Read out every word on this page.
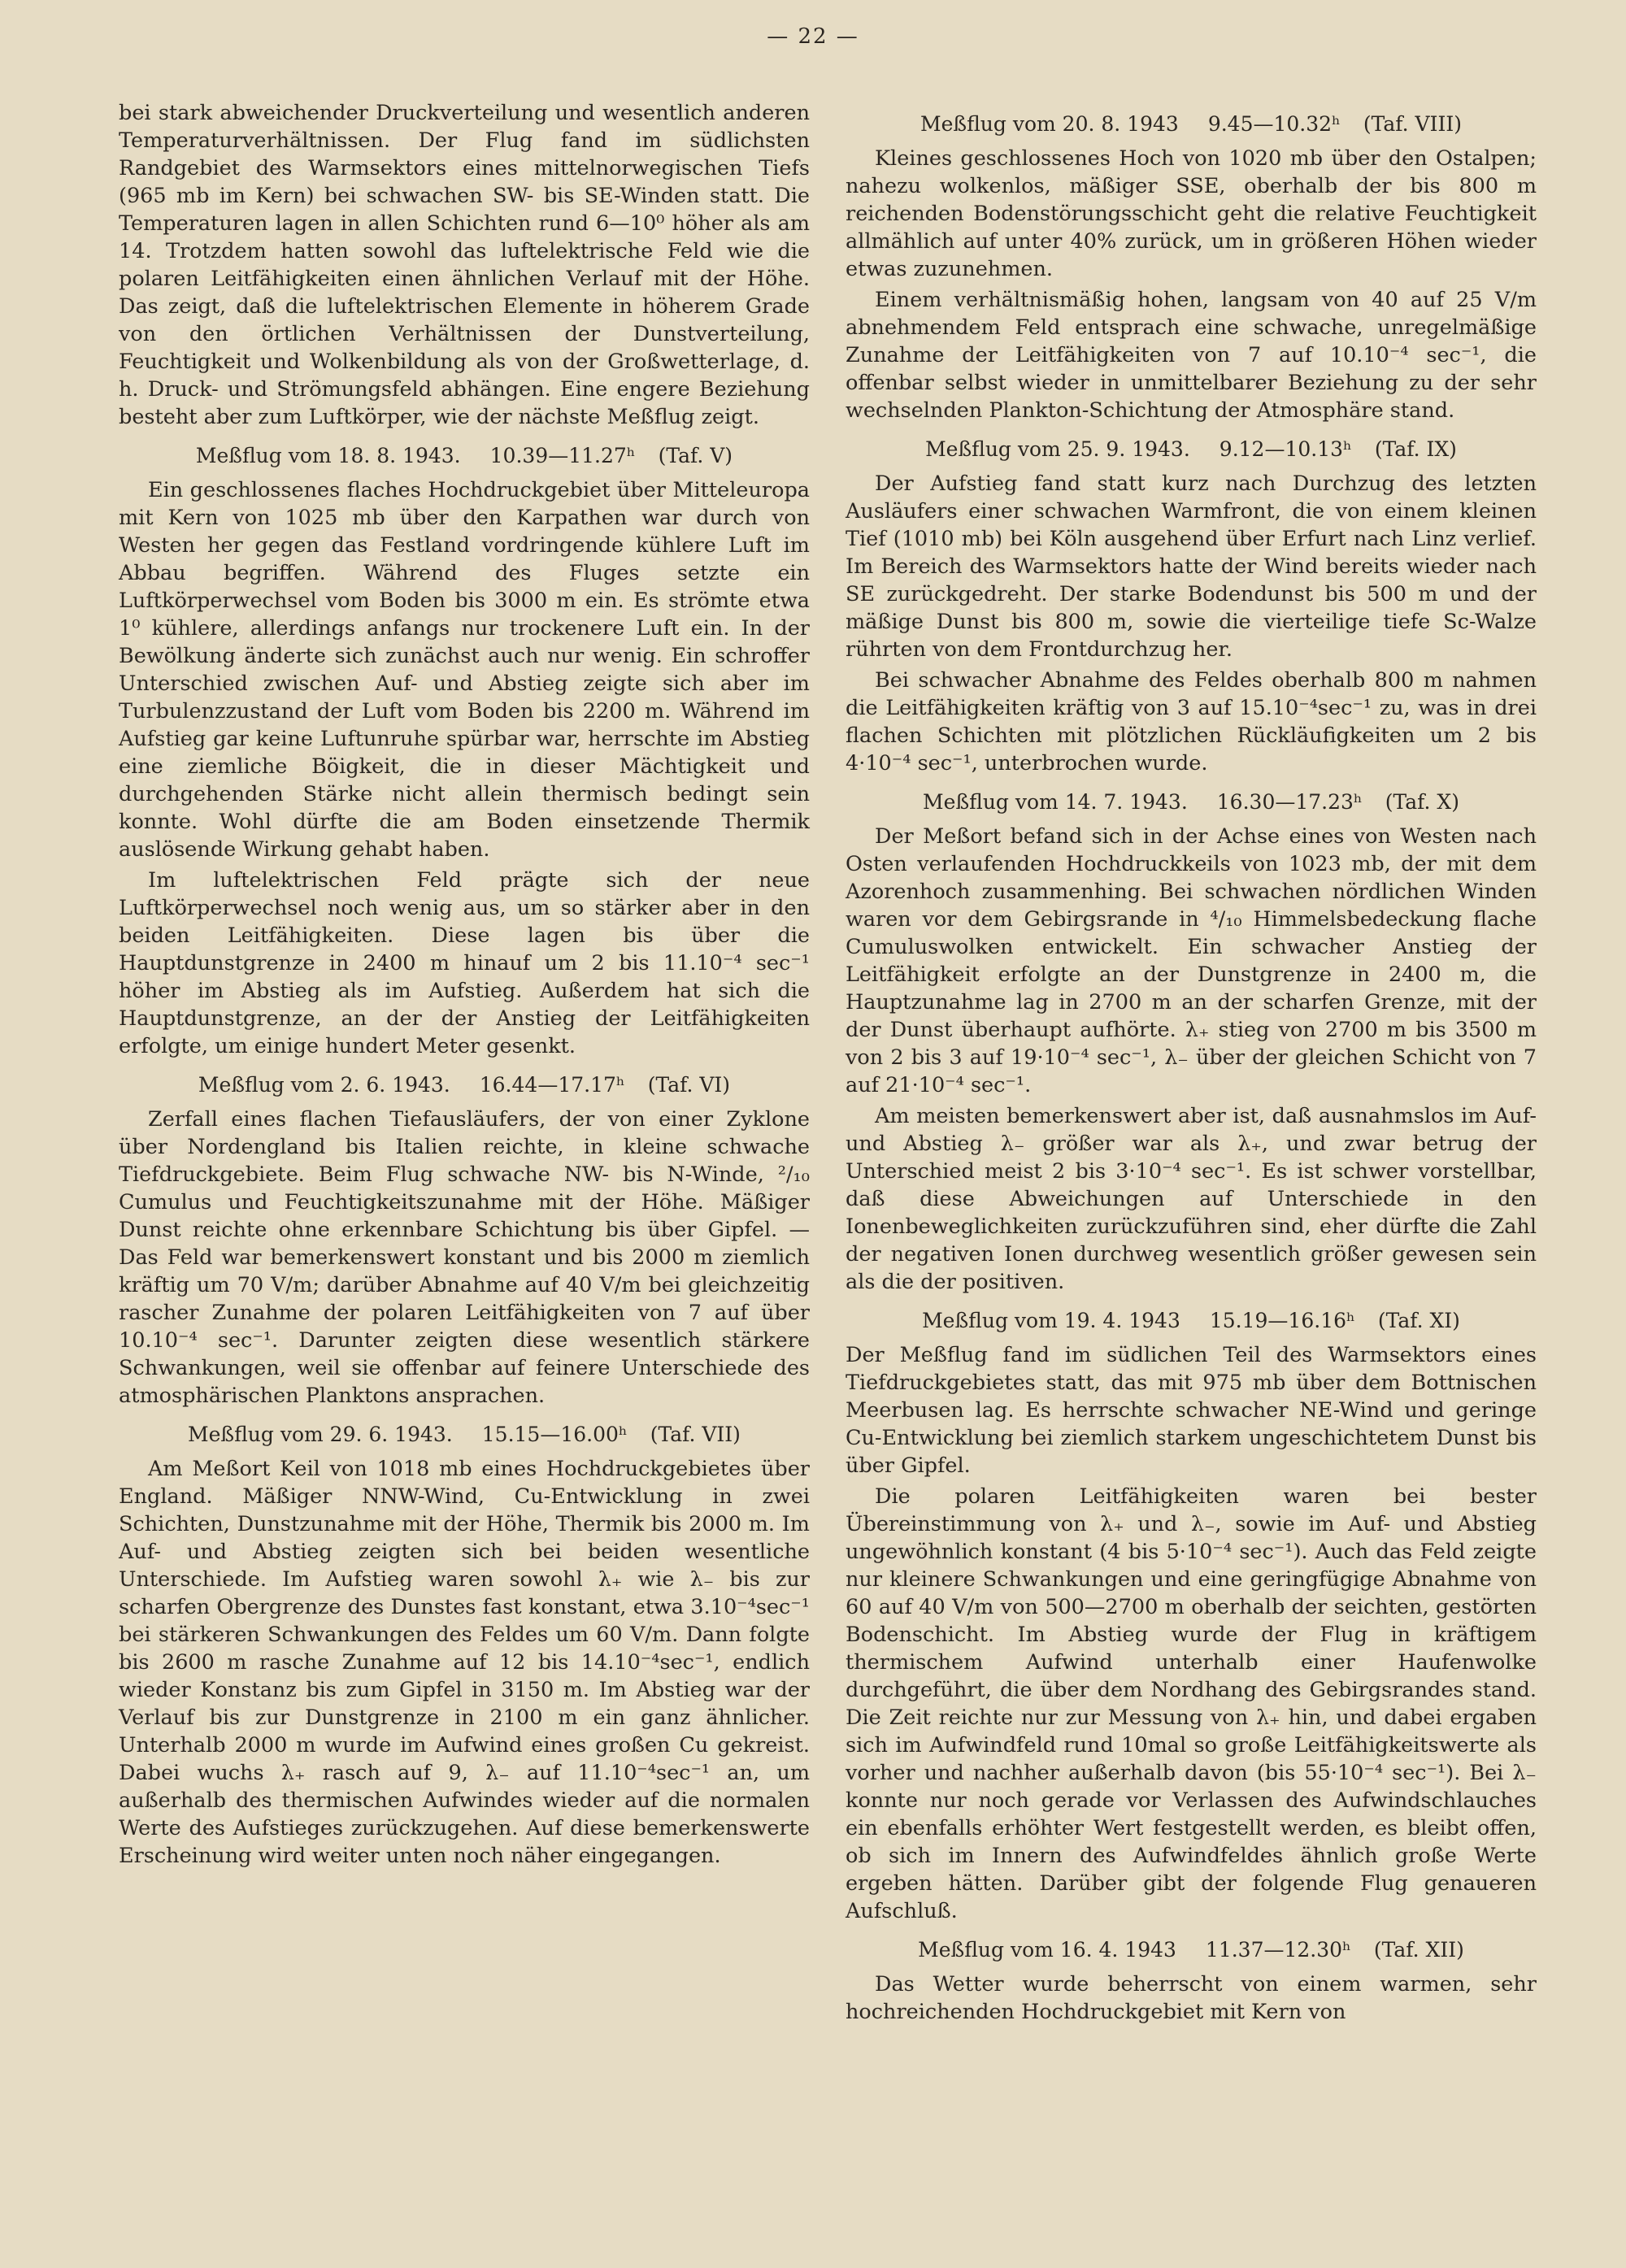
— 22 —

bei stark abweichender Druckverteilung und wesentlich anderen Temperaturverhältnissen. Der Flug fand im südlichsten Randgebiet des Warmsektors eines mittelnorwegischen Tiefs (965 mb im Kern) bei schwachen SW- bis SE-Winden statt. Die Temperaturen lagen in allen Schichten rund 6—10⁰ höher als am 14. Trotzdem hatten sowohl das luftelektrische Feld wie die polaren Leitfähigkeiten einen ähnlichen Verlauf mit der Höhe. Das zeigt, daß die luftelektrischen Elemente in höherem Grade von den örtlichen Verhältnissen der Dunstverteilung, Feuchtigkeit und Wolkenbildung als von der Großwetterlage, d. h. Druck- und Strömungsfeld abhängen. Eine engere Beziehung besteht aber zum Luftkörper, wie der nächste Meßflug zeigt.

Meßflug vom 18. 8. 1943. 10.39—11.27ʰ (Taf. V)

Ein geschlossenes flaches Hochdruckgebiet über Mitteleuropa mit Kern von 1025 mb über den Karpathen war durch von Westen her gegen das Festland vordringende kühlere Luft im Abbau begriffen. Während des Fluges setzte ein Luftkörperwechsel vom Boden bis 3000 m ein. Es strömte etwa 1⁰ kühlere, allerdings anfangs nur trockenere Luft ein. In der Bewölkung änderte sich zunächst auch nur wenig. Ein schroffer Unterschied zwischen Auf- und Abstieg zeigte sich aber im Turbulenzzustand der Luft vom Boden bis 2200 m. Während im Aufstieg gar keine Luftunruhe spürbar war, herrschte im Abstieg eine ziemliche Böigkeit, die in dieser Mächtigkeit und durchgehenden Stärke nicht allein thermisch bedingt sein konnte. Wohl dürfte die am Boden einsetzende Thermik auslösende Wirkung gehabt haben.

Im luftelektrischen Feld prägte sich der neue Luftkörperwechsel noch wenig aus, um so stärker aber in den beiden Leitfähigkeiten. Diese lagen bis über die Hauptdunstgrenze in 2400 m hinauf um 2 bis 11.10⁻⁴ sec⁻¹ höher im Abstieg als im Aufstieg. Außerdem hat sich die Hauptdunstgrenze, an der der Anstieg der Leitfähigkeiten erfolgte, um einige hundert Meter gesenkt.

Meßflug vom 2. 6. 1943. 16.44—17.17ʰ (Taf. VI)

Zerfall eines flachen Tiefausläufers, der von einer Zyklone über Nordengland bis Italien reichte, in kleine schwache Tiefdruckgebiete. Beim Flug schwache NW- bis N-Winde, ²/₁₀ Cumulus und Feuchtigkeitszunahme mit der Höhe. Mäßiger Dunst reichte ohne erkennbare Schichtung bis über Gipfel. — Das Feld war bemerkenswert konstant und bis 2000 m ziemlich kräftig um 70 V/m; darüber Abnahme auf 40 V/m bei gleichzeitig rascher Zunahme der polaren Leitfähigkeiten von 7 auf über 10.10⁻⁴ sec⁻¹. Darunter zeigten diese wesentlich stärkere Schwankungen, weil sie offenbar auf feinere Unterschiede des atmosphärischen Planktons ansprachen.

Meßflug vom 29. 6. 1943. 15.15—16.00ʰ (Taf. VII)

Am Meßort Keil von 1018 mb eines Hochdruckgebietes über England. Mäßiger NNW-Wind, Cu-Entwicklung in zwei Schichten, Dunstzunahme mit der Höhe, Thermik bis 2000 m. Im Auf- und Abstieg zeigten sich bei beiden wesentliche Unterschiede. Im Aufstieg waren sowohl λ₊ wie λ₋ bis zur scharfen Obergrenze des Dunstes fast konstant, etwa 3.10⁻⁴sec⁻¹ bei stärkeren Schwankungen des Feldes um 60 V/m. Dann folgte bis 2600 m rasche Zunahme auf 12 bis 14.10⁻⁴sec⁻¹, endlich wieder Konstanz bis zum Gipfel in 3150 m. Im Abstieg war der Verlauf bis zur Dunstgrenze in 2100 m ein ganz ähnlicher. Unterhalb 2000 m wurde im Aufwind eines großen Cu gekreist. Dabei wuchs λ₊ rasch auf 9, λ₋ auf 11.10⁻⁴sec⁻¹ an, um außerhalb des thermischen Aufwindes wieder auf die normalen Werte des Aufstieges zurückzugehen. Auf diese bemerkenswerte Erscheinung wird weiter unten noch näher eingegangen.

Meßflug vom 20. 8. 1943 9.45—10.32ʰ (Taf. VIII)

Kleines geschlossenes Hoch von 1020 mb über den Ostalpen; nahezu wolkenlos, mäßiger SSE, oberhalb der bis 800 m reichenden Bodenstörungsschicht geht die relative Feuchtigkeit allmählich auf unter 40% zurück, um in größeren Höhen wieder etwas zuzunehmen.

Einem verhältnismäßig hohen, langsam von 40 auf 25 V/m abnehmendem Feld entsprach eine schwache, unregelmäßige Zunahme der Leitfähigkeiten von 7 auf 10.10⁻⁴ sec⁻¹, die offenbar selbst wieder in unmittelbarer Beziehung zu der sehr wechselnden Plankton-Schichtung der Atmosphäre stand.

Meßflug vom 25. 9. 1943. 9.12—10.13ʰ (Taf. IX)

Der Aufstieg fand statt kurz nach Durchzug des letzten Ausläufers einer schwachen Warmfront, die von einem kleinen Tief (1010 mb) bei Köln ausgehend über Erfurt nach Linz verlief. Im Bereich des Warmsektors hatte der Wind bereits wieder nach SE zurückgedreht. Der starke Bodendunst bis 500 m und der mäßige Dunst bis 800 m, sowie die vierteilige tiefe Sc-Walze rührten von dem Frontdurchzug her.

Bei schwacher Abnahme des Feldes oberhalb 800 m nahmen die Leitfähigkeiten kräftig von 3 auf 15.10⁻⁴sec⁻¹ zu, was in drei flachen Schichten mit plötzlichen Rückläufigkeiten um 2 bis 4·10⁻⁴ sec⁻¹, unterbrochen wurde.

Meßflug vom 14. 7. 1943. 16.30—17.23ʰ (Taf. X)

Der Meßort befand sich in der Achse eines von Westen nach Osten verlaufenden Hochdruckkeils von 1023 mb, der mit dem Azorenhoch zusammenhing. Bei schwachen nördlichen Winden waren vor dem Gebirgsrande in ⁴/₁₀ Himmelsbedeckung flache Cumuluswolken entwickelt. Ein schwacher Anstieg der Leitfähigkeit erfolgte an der Dunstgrenze in 2400 m, die Hauptzunahme lag in 2700 m an der scharfen Grenze, mit der der Dunst überhaupt aufhörte. λ₊ stieg von 2700 m bis 3500 m von 2 bis 3 auf 19·10⁻⁴ sec⁻¹, λ₋ über der gleichen Schicht von 7 auf 21·10⁻⁴ sec⁻¹.

Am meisten bemerkenswert aber ist, daß ausnahmslos im Auf- und Abstieg λ₋ größer war als λ₊, und zwar betrug der Unterschied meist 2 bis 3·10⁻⁴ sec⁻¹. Es ist schwer vorstellbar, daß diese Abweichungen auf Unterschiede in den Ionenbeweglichkeiten zurückzuführen sind, eher dürfte die Zahl der negativen Ionen durchweg wesentlich größer gewesen sein als die der positiven.

Meßflug vom 19. 4. 1943 15.19—16.16ʰ (Taf. XI)

Der Meßflug fand im südlichen Teil des Warmsektors eines Tiefdruckgebietes statt, das mit 975 mb über dem Bottnischen Meerbusen lag. Es herrschte schwacher NE-Wind und geringe Cu-Entwicklung bei ziemlich starkem ungeschichtetem Dunst bis über Gipfel.

Die polaren Leitfähigkeiten waren bei bester Übereinstimmung von λ₊ und λ₋, sowie im Auf- und Abstieg ungewöhnlich konstant (4 bis 5·10⁻⁴ sec⁻¹). Auch das Feld zeigte nur kleinere Schwankungen und eine geringfügige Abnahme von 60 auf 40 V/m von 500—2700 m oberhalb der seichten, gestörten Bodenschicht. Im Abstieg wurde der Flug in kräftigem thermischem Aufwind unterhalb einer Haufenwolke durchgeführt, die über dem Nordhang des Gebirgsrandes stand. Die Zeit reichte nur zur Messung von λ₊ hin, und dabei ergaben sich im Aufwindfeld rund 10mal so große Leitfähigkeitswerte als vorher und nachher außerhalb davon (bis 55·10⁻⁴ sec⁻¹). Bei λ₋ konnte nur noch gerade vor Verlassen des Aufwindschlauches ein ebenfalls erhöhter Wert festgestellt werden, es bleibt offen, ob sich im Innern des Aufwindfeldes ähnlich große Werte ergeben hätten. Darüber gibt der folgende Flug genaueren Aufschluß.

Meßflug vom 16. 4. 1943 11.37—12.30ʰ (Taf. XII)

Das Wetter wurde beherrscht von einem warmen, sehr hochreichenden Hochdruckgebiet mit Kern von
